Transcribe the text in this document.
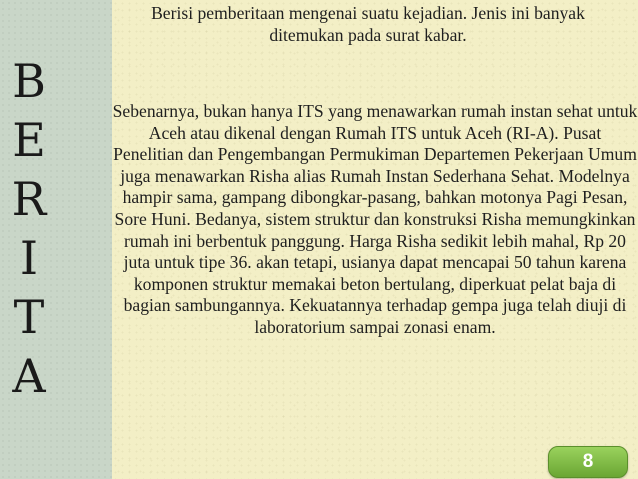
B
E
R
I
T
A
Berisi pemberitaan mengenai suatu kejadian. Jenis ini banyak ditemukan pada surat kabar.
Sebenarnya, bukan hanya ITS yang menawarkan rumah instan sehat untuk Aceh atau dikenal dengan Rumah ITS untuk Aceh (RI-A). Pusat Penelitian dan Pengembangan Permukiman Departemen Pekerjaan Umum juga menawarkan Risha alias Rumah Instan Sederhana Sehat. Modelnya hampir sama, gampang dibongkar-pasang, bahkan motonya Pagi Pesan, Sore Huni. Bedanya, sistem struktur dan konstruksi Risha memungkinkan rumah ini berbentuk panggung. Harga Risha sedikit lebih mahal, Rp 20 juta untuk tipe 36. akan tetapi, usianya dapat mencapai 50 tahun karena komponen struktur memakai beton bertulang, diperkuat pelat baja di bagian sambungannya. Kekuatannya terhadap gempa juga telah diuji di laboratorium sampai zonasi enam.
8
